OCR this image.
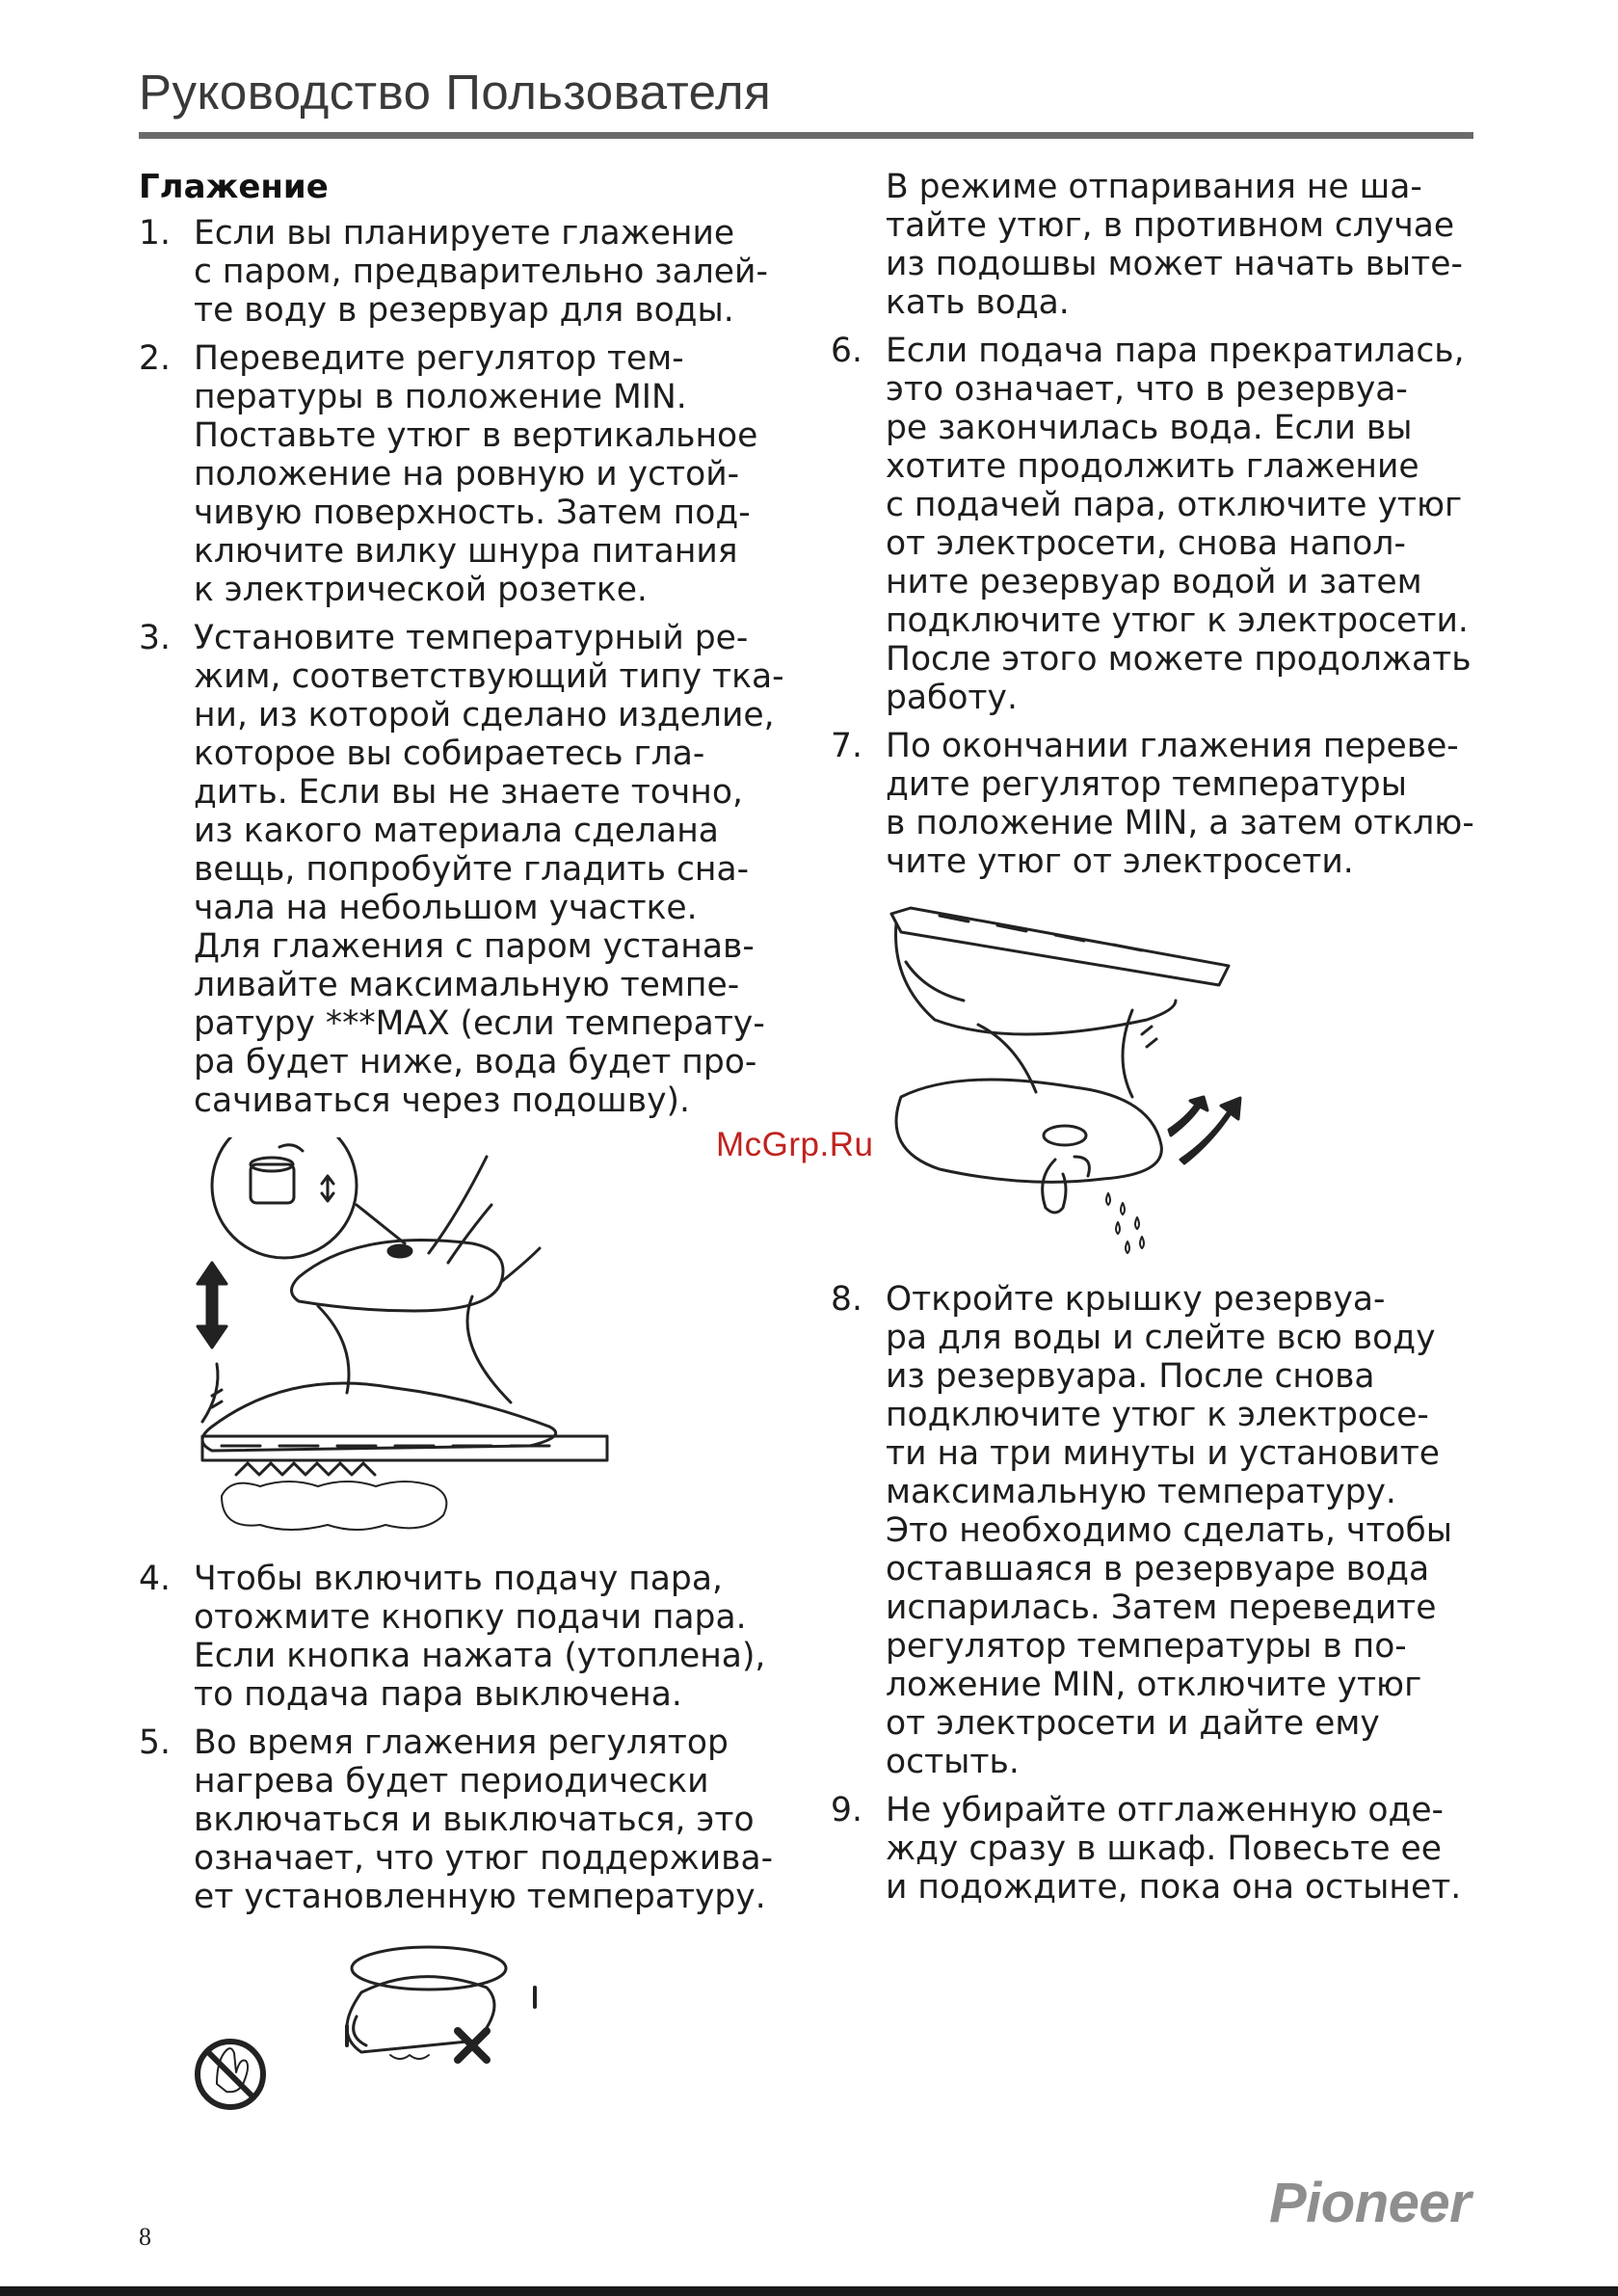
Руководство Пользователя
Глажение
1. Если вы планируете глажение
с паром, предварительно залей-
те воду в резервуар для воды.
2. Переведите регулятор тем-
пературы в положение MIN.
Поставьте утюг в вертикальное
положение на ровную и устой-
чивую поверхность. Затем под-
ключите вилку шнура питания
к электрической розетке.
3. Установите температурный ре-
жим, соответствующий типу тка-
ни, из которой сделано изделие,
которое вы собираетесь гла-
дить. Если вы не знаете точно,
из какого материала сделана
вещь, попробуйте гладить сна-
чала на небольшом участке.
Для глажения с паром устанав-
ливайте максимальную темпе-
ратуру ***MAX (если температу-
ра будет ниже, вода будет про-
сачиваться через подошву).
4. Чтобы включить подачу пара,
отожмите кнопку подачи пара.
Если кнопка нажата (утоплена),
то подача пара выключена.
5. Во время глажения регулятор
нагрева будет периодически
включаться и выключаться, это
означает, что утюг поддержива-
ет установленную температуру.
В режиме отпаривания не ша-
тайте утюг, в противном случае
из подошвы может начать выте-
кать вода.
6. Если подача пара прекратилась,
это означает, что в резервуа-
ре закончилась вода. Если вы
хотите продолжить глажение
с подачей пара, отключите утюг
от электросети, снова напол-
ните резервуар водой и затем
подключите утюг к электросети.
После этого можете продолжать
работу.
7. По окончании глажения переве-
дите регулятор температуры
в положение MIN, а затем отклю-
чите утюг от электросети.
8. Откройте крышку резервуа-
ра для воды и слейте всю воду
из резервуара. После снова
подключите утюг к электросе-
ти на три минуты и установите
максимальную температуру.
Это необходимо сделать, чтобы
оставшаяся в резервуаре вода
испарилась. Затем переведите
регулятор температуры в по-
ложение MIN, отключите утюг
от электросети и дайте ему
остыть.
9. Не убирайте отглаженную оде-
жду сразу в шкаф. Повесьте ее
и подождите, пока она остынет.
McGrp.Ru
8
Pioneer
